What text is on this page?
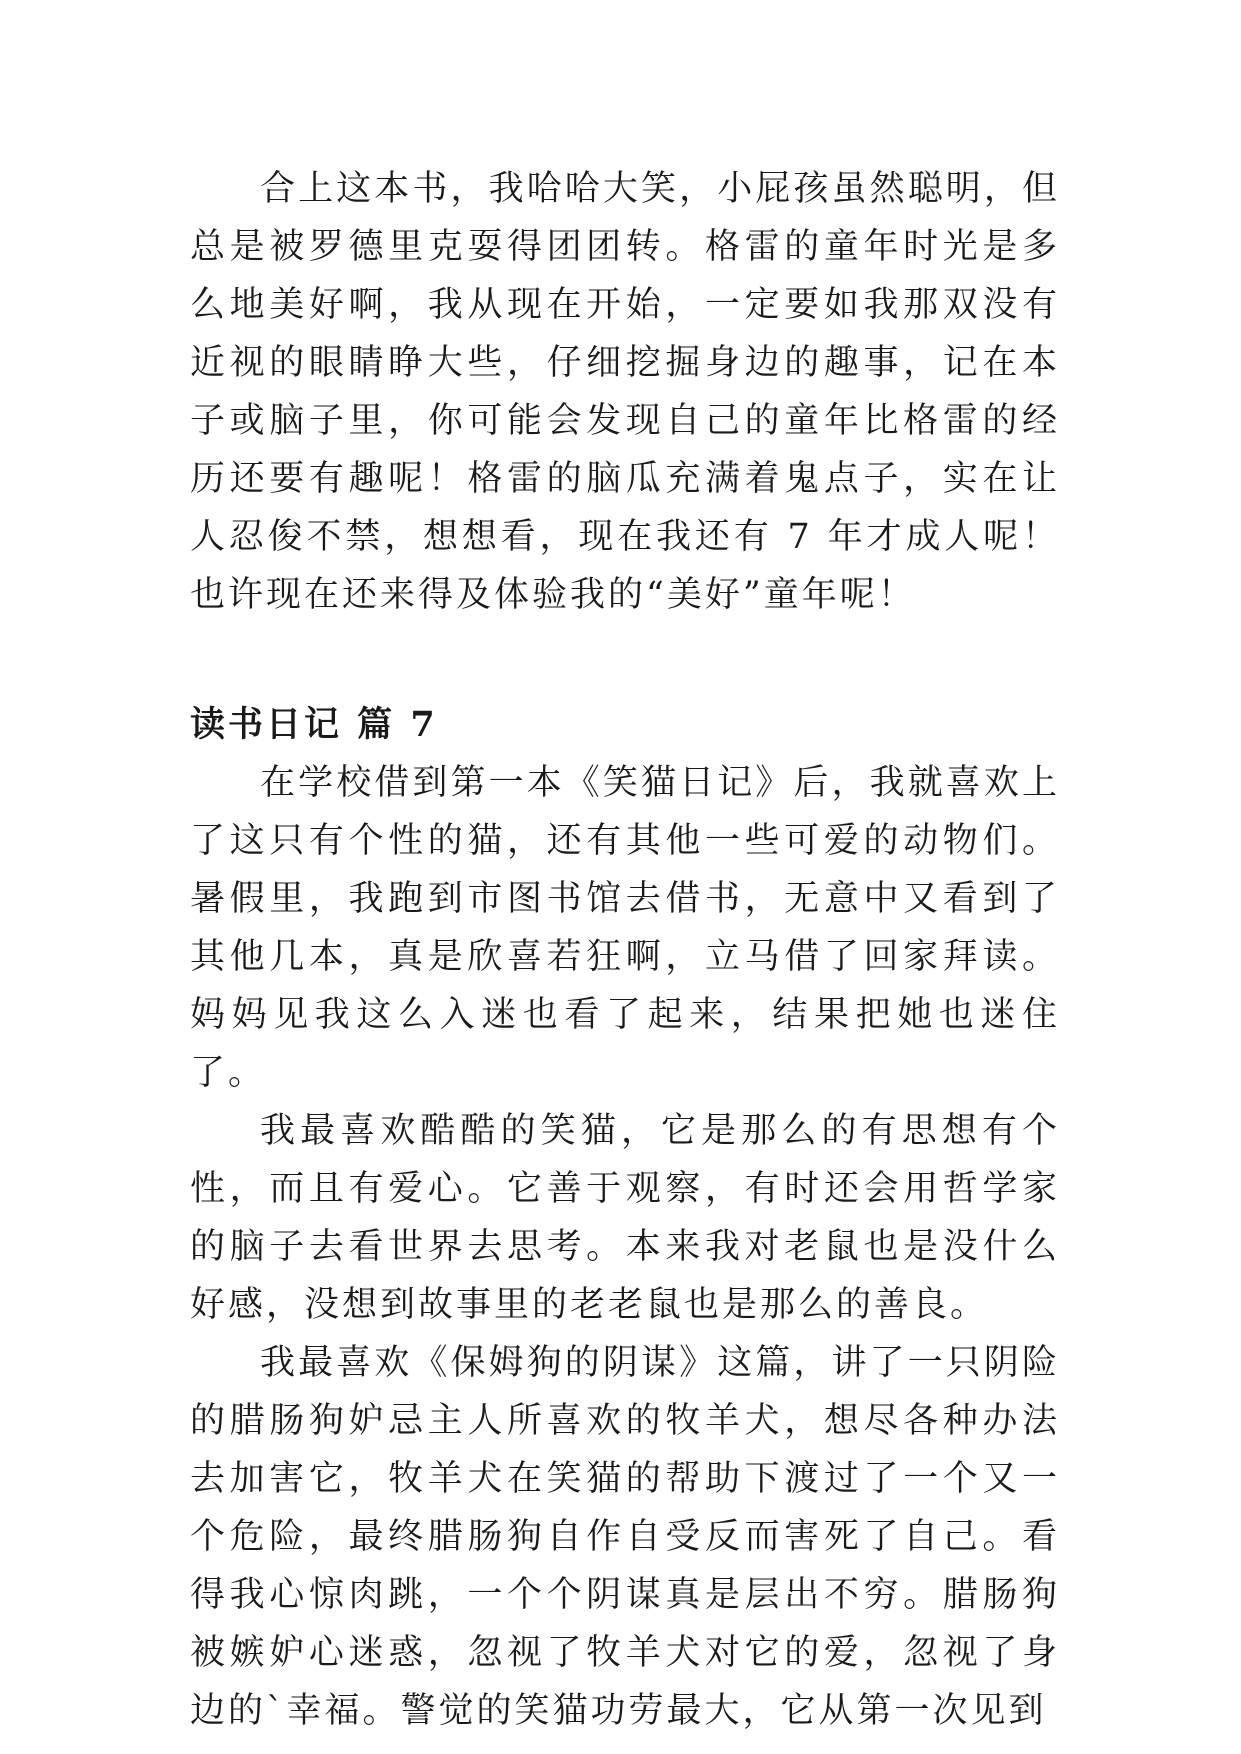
合上这本书，我哈哈大笑，小屁孩虽然聪明，但总是被罗德里克耍得团团转。格雷的童年时光是多么地美好啊，我从现在开始，一定要如我那双没有近视的眼睛睁大些，仔细挖掘身边的趣事，记在本子或脑子里，你可能会发现自己的童年比格雷的经历还要有趣呢！格雷的脑瓜充满着鬼点子，实在让人忍俊不禁，想想看，现在我还有 7 年才成人呢！也许现在还来得及体验我的“美好”童年呢！

读书日记 篇 7

在学校借到第一本《笑猫日记》后，我就喜欢上了这只有个性的猫，还有其他一些可爱的动物们。暑假里，我跑到市图书馆去借书，无意中又看到了其他几本，真是欣喜若狂啊，立马借了回家拜读。妈妈见我这么入迷也看了起来，结果把她也迷住了。

我最喜欢酷酷的笑猫，它是那么的有思想有个性，而且有爱心。它善于观察，有时还会用哲学家的脑子去看世界去思考。本来我对老鼠也是没什么好感，没想到故事里的老老鼠也是那么的善良。

我最喜欢《保姆狗的阴谋》这篇，讲了一只阴险的腊肠狗妒忌主人所喜欢的牧羊犬，想尽各种办法去加害它，牧羊犬在笑猫的帮助下渡过了一个又一个危险，最终腊肠狗自作自受反而害死了自己。看得我心惊肉跳，一个个阴谋真是层出不穷。腊肠狗被嫉妒心迷惑，忽视了牧羊犬对它的爱，忽视了身边的`幸福。警觉的笑猫功劳最大，它从第一次见到
